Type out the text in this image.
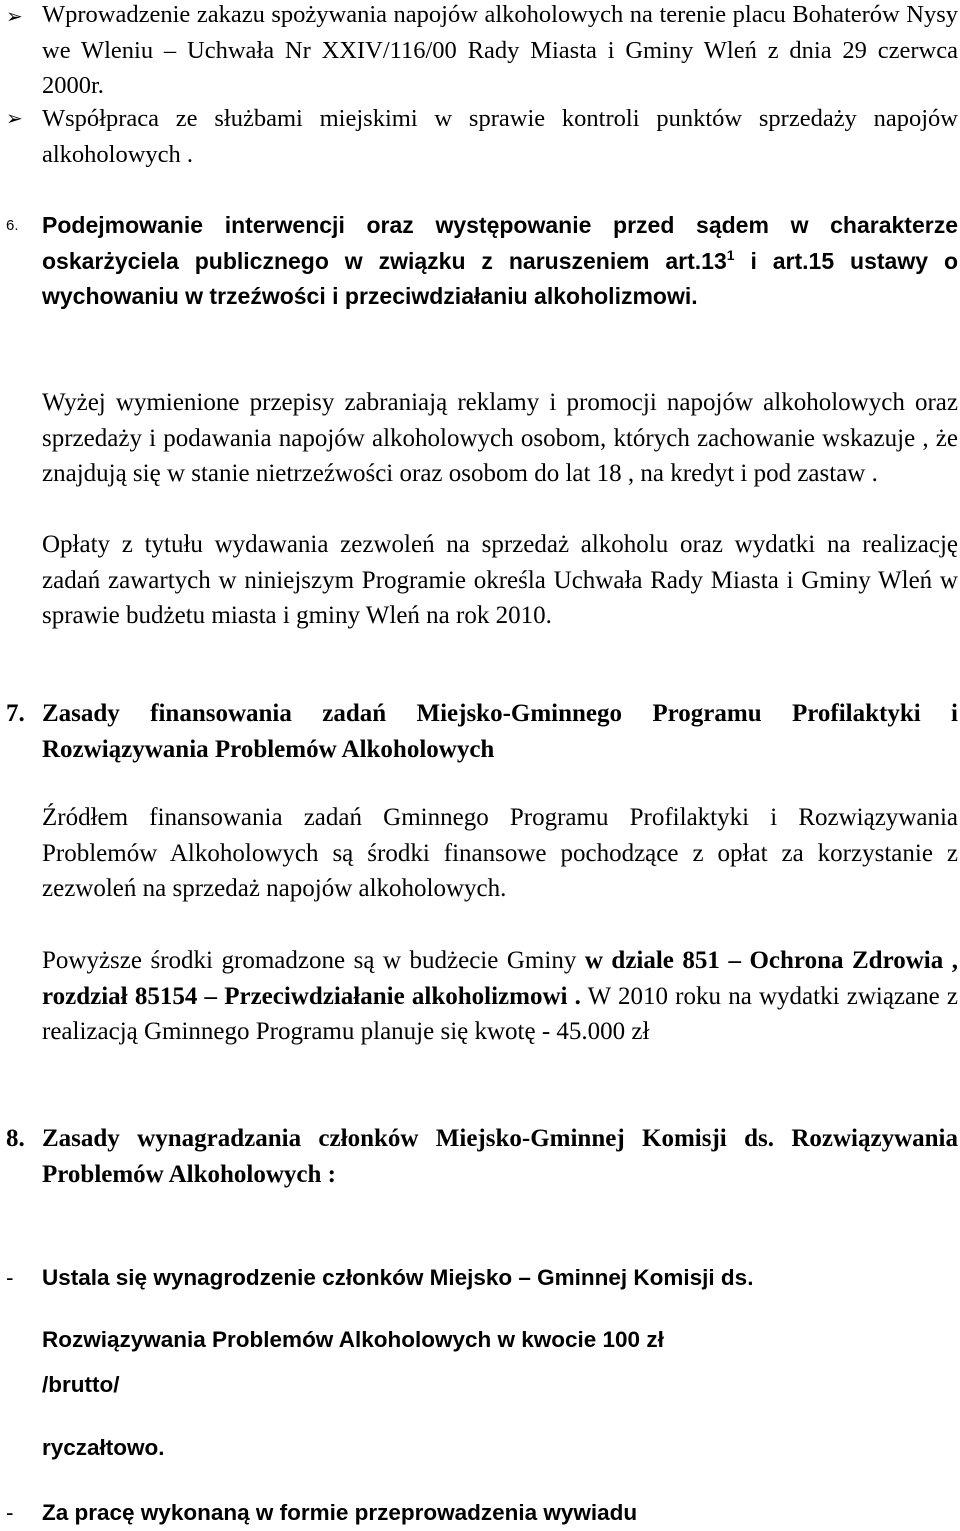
➢ Wprowadzenie zakazu spożywania napojów alkoholowych na terenie placu Bohaterów Nysy we Wleniu – Uchwała Nr XXIV/116/00 Rady Miasta i Gminy Wleń z dnia 29 czerwca 2000r.
➢ Współpraca ze służbami miejskimi w sprawie kontroli punktów sprzedaży napojów alkoholowych .
6. Podejmowanie interwencji oraz występowanie przed sądem w charakterze oskarżyciela publicznego w związku z naruszeniem $art.13^1$ i art.15 ustawy o wychowaniu w trzeźwości i przeciwdziałaniu alkoholizmowi.
Wyżej wymienione przepisy zabraniają reklamy i promocji napojów alkoholowych oraz sprzedaży i podawania napojów alkoholowych osobom, których zachowanie wskazuje , że znajdują się w stanie nietrzeźwości oraz osobom do lat 18 , na kredyt i pod zastaw .
Opłaty z tytułu wydawania zezwoleń na sprzedaż alkoholu oraz wydatki na realizację zadań zawartych w niniejszym Programie określa Uchwała Rady Miasta i Gminy Wleń w sprawie budżetu miasta i gminy Wleń na rok 2010.
7. Zasady finansowania zadań Miejsko-Gminnego Programu Profilaktyki i Rozwiązywania Problemów Alkoholowych
Źródłem finansowania zadań Gminnego Programu Profilaktyki i Rozwiązywania Problemów Alkoholowych są środki finansowe pochodzące z opłat za korzystanie z zezwoleń na sprzedaż napojów alkoholowych.
Powyższe środki gromadzone są w budżecie Gminy w dziale 851 – Ochrona Zdrowia , rozdział 85154 – Przeciwdziałanie alkoholizmowi . W 2010 roku na wydatki związane z realizacją Gminnego Programu planuje się kwotę - 45.000 zł
8. Zasady wynagradzania członków Miejsko-Gminnej Komisji ds. Rozwiązywania Problemów Alkoholowych :
- Ustala się wynagrodzenie członków Miejsko – Gminnej Komisji ds.
Rozwiązywania Problemów Alkoholowych w kwocie 100 zł
/brutto/
ryczałtowo.
- Za pracę wykonaną w formie przeprowadzenia wywiadu
